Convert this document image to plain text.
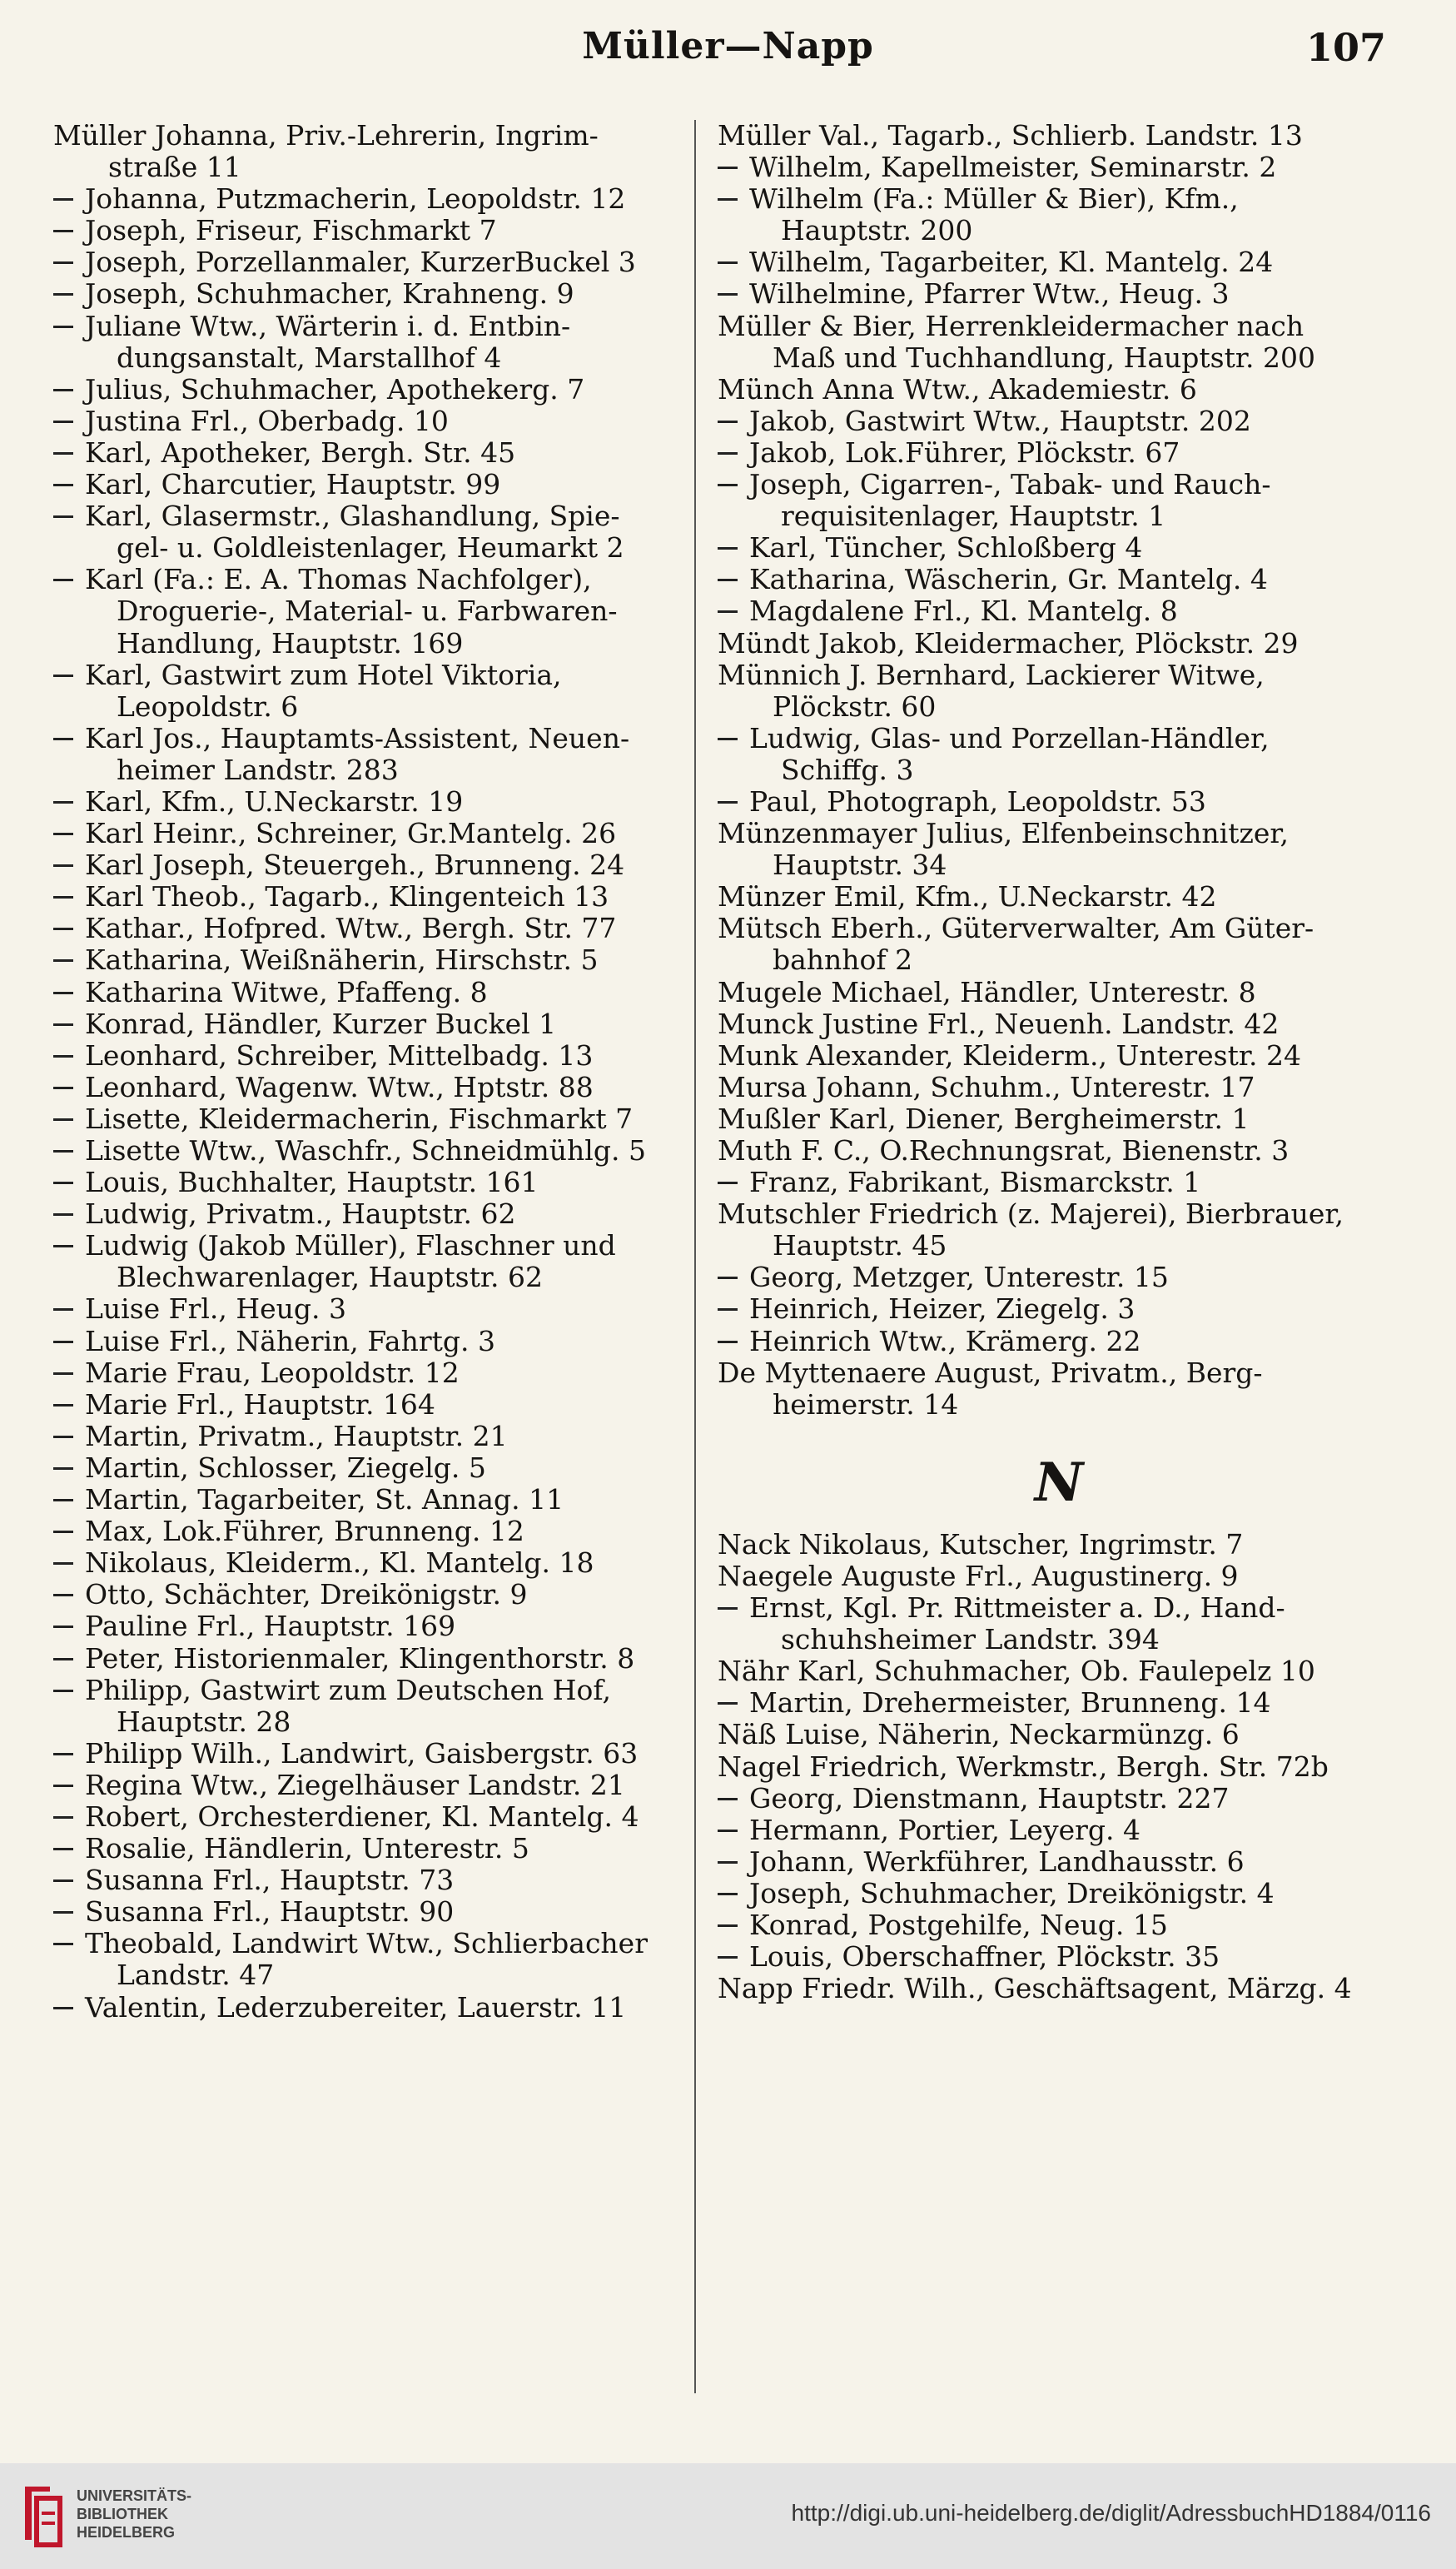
Müller—Napp	107
Müller Johanna, Priv.-Lehrerin, Ingrim-
straße 11
Johanna, Putzmacherin, Leopoldstr. 12
Joseph, Friseur, Fischmarkt 7
Joseph, Porzellanmaler, KurzerBuckel 3
Joseph, Schuhmacher, Krahneng. 9
Juliane Wtw., Wärterin i. d. Entbin-
dungsanstalt, Marstallhof 4
Julius, Schuhmacher, Apothekerg. 7
Justina Frl., Oberbadg. 10
Karl, Apotheker, Bergh. Str. 45
Karl, Charcutier, Hauptstr. 99
Karl, Glasermstr., Glashandlung, Spie-
gel- u. Goldleistenlager, Heumarkt 2
Karl (Fa.: E. A. Thomas Nachfolger),
Droguerie-, Material- u. Farbwaren-
Handlung, Hauptstr. 169
Karl, Gastwirt zum Hotel Viktoria,
Leopoldstr. 6
Karl Jos., Hauptamts-Assistent, Neuen-
heimer Landstr. 283
Karl, Kfm., U.Neckarstr. 19
Karl Heinr., Schreiner, Gr.Mantelg. 26
Karl Joseph, Steuergeh., Brunneng. 24
Karl Theob., Tagarb., Klingenteich 13
Kathar., Hofpred. Wtw., Bergh. Str. 77
Katharina, Weißnäherin, Hirschstr. 5
Katharina Witwe, Pfaffeng. 8
Konrad, Händler, Kurzer Buckel 1
Leonhard, Schreiber, Mittelbadg. 13
Leonhard, Wagenw. Wtw., Hptstr. 88
Lisette, Kleidermacherin, Fischmarkt 7
Lisette Wtw., Waschfr., Schneidmühlg. 5
Louis, Buchhalter, Hauptstr. 161
Ludwig, Privatm., Hauptstr. 62
Ludwig (Jakob Müller), Flaschner und
Blechwarenlager, Hauptstr. 62
Luise Frl., Heug. 3
Luise Frl., Näherin, Fahrtg. 3
Marie Frau, Leopoldstr. 12
Marie Frl., Hauptstr. 164
Martin, Privatm., Hauptstr. 21
Martin, Schlosser, Ziegelg. 5
Martin, Tagarbeiter, St. Annag. 11
Max, Lok.Führer, Brunneng. 12
Nikolaus, Kleiderm., Kl. Mantelg. 18
Otto, Schächter, Dreikönigstr. 9
Pauline Frl., Hauptstr. 169
Peter, Historienmaler, Klingenthorstr. 8
Philipp, Gastwirt zum Deutschen Hof,
Hauptstr. 28
Philipp Wilh., Landwirt, Gaisbergstr. 63
Regina Wtw., Ziegelhäuser Landstr. 21
Robert, Orchesterdiener, Kl. Mantelg. 4
Rosalie, Händlerin, Unterestr. 5
Susanna Frl., Hauptstr. 73
Susanna Frl., Hauptstr. 90
Theobald, Landwirt Wtw., Schlierbacher
Landstr. 47
Valentin, Lederzubereiter, Lauerstr. 11
Müller Val., Tagarb., Schlierb. Landstr. 13
Wilhelm, Kapellmeister, Seminarstr. 2
Wilhelm (Fa.: Müller & Bier), Kfm.,
Hauptstr. 200
Wilhelm, Tagarbeiter, Kl. Mantelg. 24
Wilhelmine, Pfarrer Wtw., Heug. 3
Müller & Bier, Herrenkleidermacher nach
Maß und Tuchhandlung, Hauptstr. 200
Münch Anna Wtw., Akademiestr. 6
Jakob, Gastwirt Wtw., Hauptstr. 202
Jakob, Lok.Führer, Plöckstr. 67
Joseph, Cigarren-, Tabak- und Rauch-
requisitenlager, Hauptstr. 1
Karl, Tüncher, Schloßberg 4
Katharina, Wäscherin, Gr. Mantelg. 4
Magdalene Frl., Kl. Mantelg. 8
Mündt Jakob, Kleidermacher, Plöckstr. 29
Münnich J. Bernhard, Lackierer Witwe,
Plöckstr. 60
Ludwig, Glas- und Porzellan-Händler,
Schiffg. 3
Paul, Photograph, Leopoldstr. 53
Münzenmayer Julius, Elfenbeinschnitzer,
Hauptstr. 34
Münzer Emil, Kfm., U.Neckarstr. 42
Mütsch Eberh., Güterverwalter, Am Güter-
bahnhof 2
Mugele Michael, Händler, Unterestr. 8
Munck Justine Frl., Neuenh. Landstr. 42
Munk Alexander, Kleiderm., Unterestr. 24
Mursa Johann, Schuhm., Unterestr. 17
Mußler Karl, Diener, Bergheimerstr. 1
Muth F. C., O.Rechnungsrat, Bienenstr. 3
Franz, Fabrikant, Bismarckstr. 1
Mutschler Friedrich (z. Majerei), Bierbrauer,
Hauptstr. 45
Georg, Metzger, Unterestr. 15
Heinrich, Heizer, Ziegelg. 3
Heinrich Wtw., Krämerg. 22
De Myttenaere August, Privatm., Berg-
heimerstr. 14
N
Nack Nikolaus, Kutscher, Ingrimstr. 7
Naegele Auguste Frl., Augustinerg. 9
Ernst, Kgl. Pr. Rittmeister a. D., Hand-
schuhsheimer Landstr. 394
Nähr Karl, Schuhmacher, Ob. Faulepelz 10
Martin, Drehermeister, Brunneng. 14
Näß Luise, Näherin, Neckarmünzg. 6
Nagel Friedrich, Werkmstr., Bergh. Str. 72b
Georg, Dienstmann, Hauptstr. 227
Hermann, Portier, Leyerg. 4
Johann, Werkführer, Landhausstr. 6
Joseph, Schuhmacher, Dreikönigstr. 4
Konrad, Postgehilfe, Neug. 15
Louis, Oberschaffner, Plöckstr. 35
Napp Friedr. Wilh., Geschäftsagent, Märzg. 4
UNIVERSITÄTS-
BIBLIOTHEK
HEIDELBERG
http://digi.ub.uni-heidelberg.de/diglit/AdressbuchHD1884/0116
